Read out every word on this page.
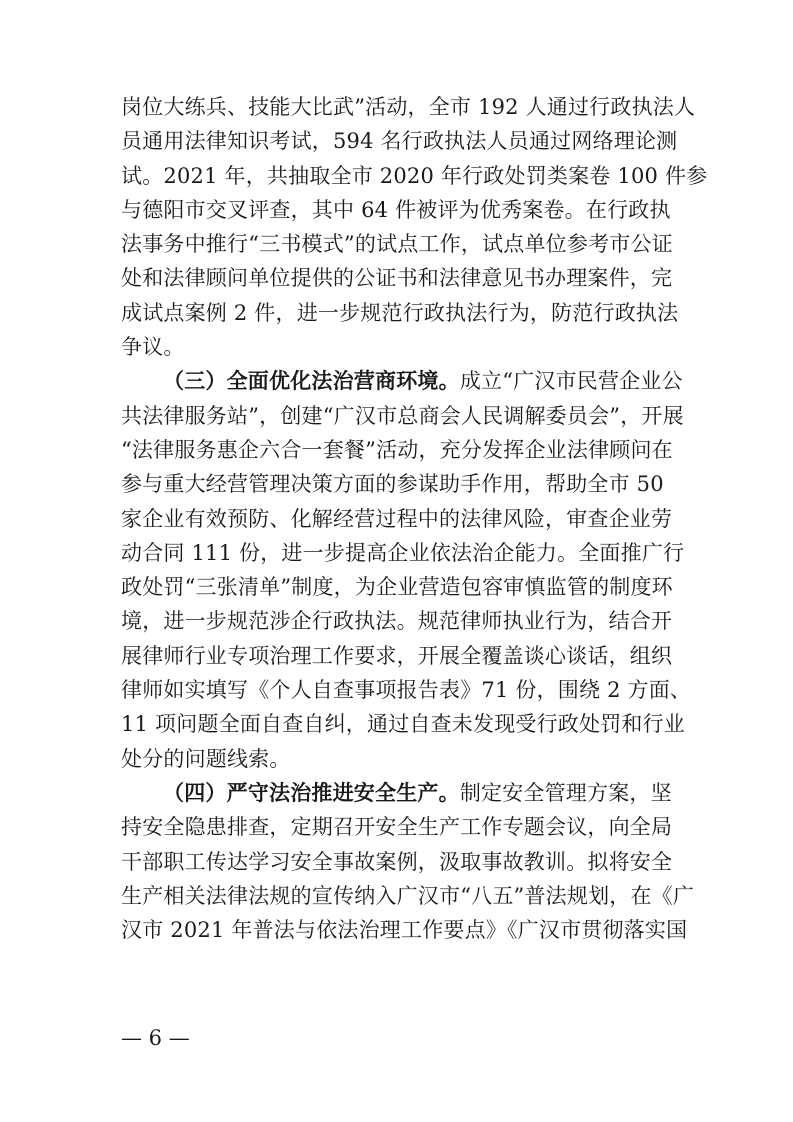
岗位大练兵、技能大比武”活动，全市 192 人通过行政执法人
员通用法律知识考试，594 名行政执法人员通过网络理论测
试。2021 年，共抽取全市 2020 年行政处罚类案卷 100 件参
与德阳市交叉评查，其中 64 件被评为优秀案卷。在行政执
法事务中推行“三书模式”的试点工作，试点单位参考市公证
处和法律顾问单位提供的公证书和法律意见书办理案件，完
成试点案例 2 件，进一步规范行政执法行为，防范行政执法
争议。
（三）全面优化法治营商环境。成立“广汉市民营企业公
共法律服务站”，创建“广汉市总商会人民调解委员会”，开展
“法律服务惠企六合一套餐”活动，充分发挥企业法律顾问在
参与重大经营管理决策方面的参谋助手作用，帮助全市 50
家企业有效预防、化解经营过程中的法律风险，审查企业劳
动合同 111 份，进一步提高企业依法治企能力。全面推广行
政处罚“三张清单”制度，为企业营造包容审慎监管的制度环
境，进一步规范涉企行政执法。规范律师执业行为，结合开
展律师行业专项治理工作要求，开展全覆盖谈心谈话，组织
律师如实填写《个人自查事项报告表》71 份，围绕 2 方面、
11 项问题全面自查自纠，通过自查未发现受行政处罚和行业
处分的问题线索。
（四）严守法治推进安全生产。制定安全管理方案，坚
持安全隐患排查，定期召开安全生产工作专题会议，向全局
干部职工传达学习安全事故案例，汲取事故教训。拟将安全
生产相关法律法规的宣传纳入广汉市“八五”普法规划，在《广
汉市 2021 年普法与依法治理工作要点》《广汉市贯彻落实国
— 6 —
